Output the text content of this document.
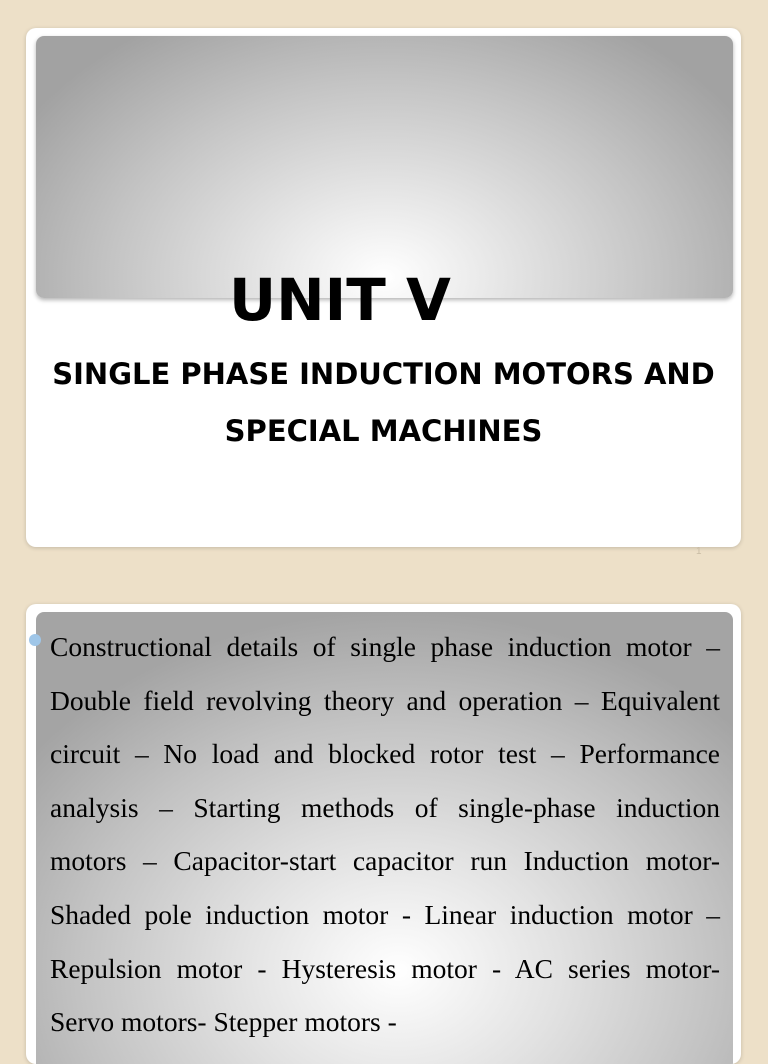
UNIT V

SINGLE PHASE INDUCTION MOTORS AND SPECIAL MACHINES

1

Constructional details of single phase induction motor – Double field revolving theory and operation – Equivalent circuit – No load and blocked rotor test – Performance analysis – Starting methods of single-phase induction motors – Capacitor-start capacitor run Induction motor- Shaded pole induction motor - Linear induction motor – Repulsion motor - Hysteresis motor - AC series motor- Servo motors- Stepper motors -
